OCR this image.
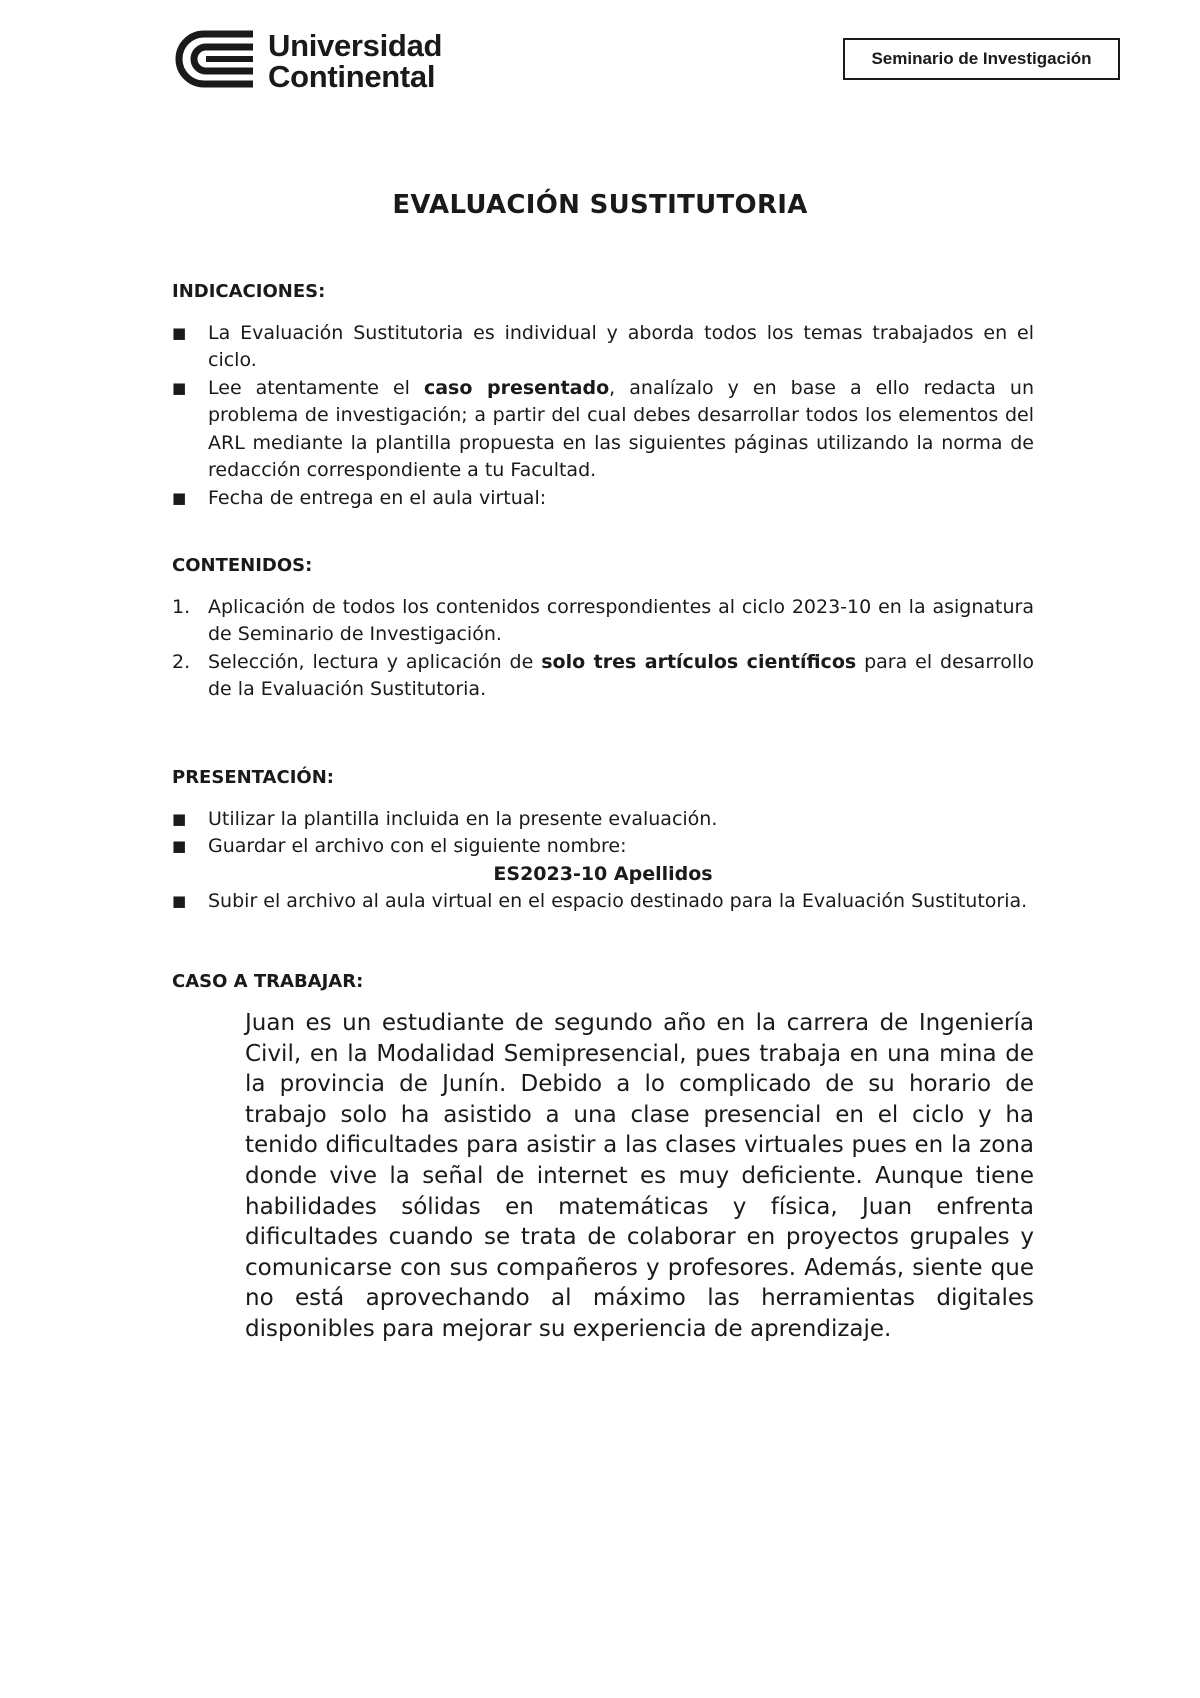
Universidad
Continental
Seminario de Investigación
EVALUACIÓN SUSTITUTORIA
INDICACIONES:
■ La Evaluación Sustitutoria es individual y aborda todos los temas trabajados en el ciclo.
■ Lee atentamente el caso presentado, analízalo y en base a ello redacta un problema de investigación; a partir del cual debes desarrollar todos los elementos del ARL mediante la plantilla propuesta en las siguientes páginas utilizando la norma de redacción correspondiente a tu Facultad.
■ Fecha de entrega en el aula virtual:
CONTENIDOS:
1. Aplicación de todos los contenidos correspondientes al ciclo 2023-10 en la asignatura de Seminario de Investigación.
2. Selección, lectura y aplicación de solo tres artículos científicos para el desarrollo de la Evaluación Sustitutoria.
PRESENTACIÓN:
■ Utilizar la plantilla incluida en la presente evaluación.
■ Guardar el archivo con el siguiente nombre:
ES2023-10 Apellidos
■ Subir el archivo al aula virtual en el espacio destinado para la Evaluación Sustitutoria.
CASO A TRABAJAR:
Juan es un estudiante de segundo año en la carrera de Ingeniería Civil, en la Modalidad Semipresencial, pues trabaja en una mina de la provincia de Junín. Debido a lo complicado de su horario de trabajo solo ha asistido a una clase presencial en el ciclo y ha tenido dificultades para asistir a las clases virtuales pues en la zona donde vive la señal de internet es muy deficiente. Aunque tiene habilidades sólidas en matemáticas y física, Juan enfrenta dificultades cuando se trata de colaborar en proyectos grupales y comunicarse con sus compañeros y profesores. Además, siente que no está aprovechando al máximo las herramientas digitales disponibles para mejorar su experiencia de aprendizaje.
